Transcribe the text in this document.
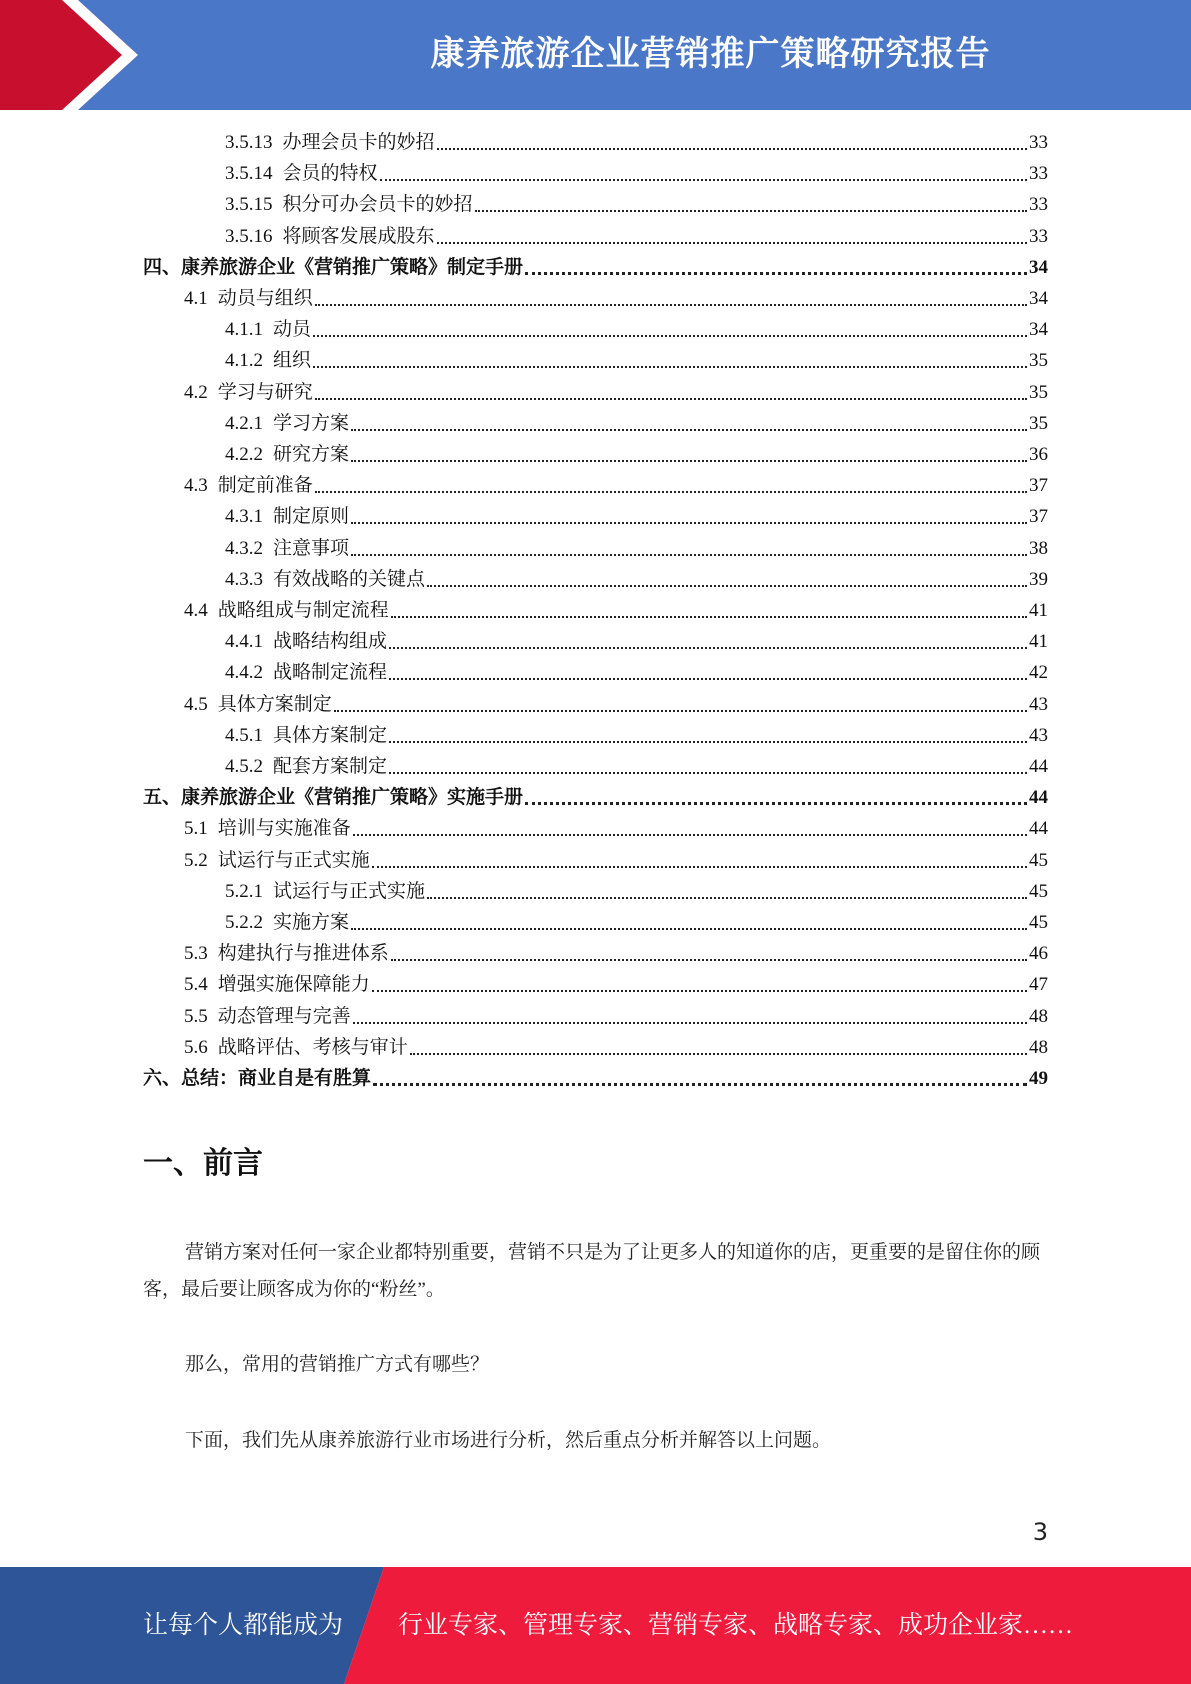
康养旅游企业营销推广策略研究报告
3.5.13 办理会员卡的妙招	33
3.5.14 会员的特权	33
3.5.15 积分可办会员卡的妙招	33
3.5.16 将顾客发展成股东	33
四、康养旅游企业《营销推广策略》制定手册	34
4.1 动员与组织	34
4.1.1 动员	34
4.1.2 组织	35
4.2 学习与研究	35
4.2.1 学习方案	35
4.2.2 研究方案	36
4.3 制定前准备	37
4.3.1 制定原则	37
4.3.2 注意事项	38
4.3.3 有效战略的关键点	39
4.4 战略组成与制定流程	41
4.4.1 战略结构组成	41
4.4.2 战略制定流程	42
4.5 具体方案制定	43
4.5.1 具体方案制定	43
4.5.2 配套方案制定	44
五、康养旅游企业《营销推广策略》实施手册	44
5.1 培训与实施准备	44
5.2 试运行与正式实施	45
5.2.1 试运行与正式实施	45
5.2.2 实施方案	45
5.3 构建执行与推进体系	46
5.4 增强实施保障能力	47
5.5 动态管理与完善	48
5.6 战略评估、考核与审计	48
六、总结：商业自是有胜算	49
一、前言
营销方案对任何一家企业都特别重要，营销不只是为了让更多人的知道你的店，更重要的是留住你的顾客，最后要让顾客成为你的“粉丝”。
那么，常用的营销推广方式有哪些？
下面，我们先从康养旅游行业市场进行分析，然后重点分析并解答以上问题。
3
让每个人都能成为 行业专家、管理专家、营销专家、战略专家、成功企业家……
